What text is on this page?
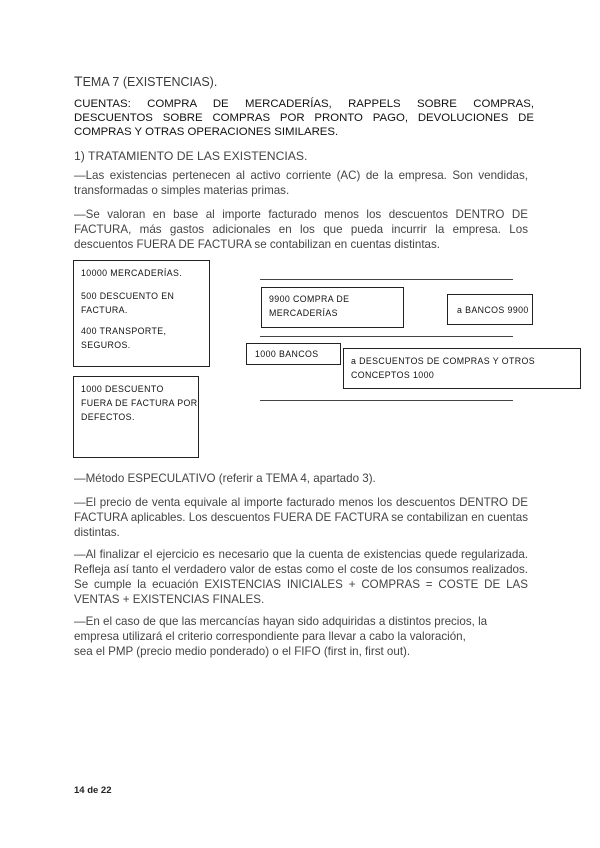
TEMA 7 (EXISTENCIAS).
CUENTAS: COMPRA DE MERCADERÍAS, RAPPELS SOBRE COMPRAS, DESCUENTOS SOBRE COMPRAS POR PRONTO PAGO, DEVOLUCIONES DE COMPRAS Y OTRAS OPERACIONES SIMILARES.
1) TRATAMIENTO DE LAS EXISTENCIAS.
—Las existencias pertenecen al activo corriente (AC) de la empresa. Son vendidas, transformadas o simples materias primas.
—Se valoran en base al importe facturado menos los descuentos DENTRO DE FACTURA, más gastos adicionales en los que pueda incurrir la empresa. Los descuentos FUERA DE FACTURA se contabilizan en cuentas distintas.
10000 MERCADERÍAS.
500 DESCUENTO EN
FACTURA.
400 TRANSPORTE,
SEGUROS.
9900 COMPRA DE
MERCADERÍAS	a BANCOS 9900
1000 BANCOS
a DESCUENTOS DE COMPRAS Y OTROS
CONCEPTOS 1000
1000 DESCUENTO
FUERA DE FACTURA POR
DEFECTOS.
—Método ESPECULATIVO (referir a TEMA 4, apartado 3).
—El precio de venta equivale al importe facturado menos los descuentos DENTRO DE FACTURA aplicables. Los descuentos FUERA DE FACTURA se contabilizan en cuentas distintas.
—Al finalizar el ejercicio es necesario que la cuenta de existencias quede regularizada. Refleja así tanto el verdadero valor de estas como el coste de los consumos realizados. Se cumple la ecuación EXISTENCIAS INICIALES + COMPRAS = COSTE DE LAS VENTAS + EXISTENCIAS FINALES.
—En el caso de que las mercancías hayan sido adquiridas a distintos precios, la
empresa utilizará el criterio correspondiente para llevar a cabo la valoración,
sea el PMP (precio medio ponderado) o el FIFO (first in, first out).
14 de 22
